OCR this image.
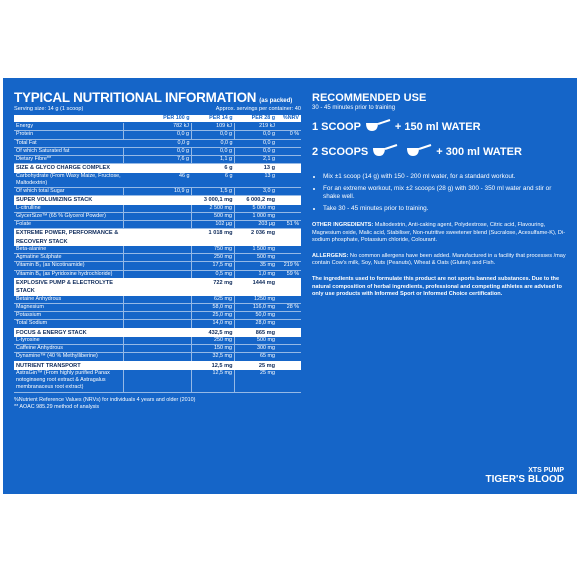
TYPICAL NUTRITIONAL INFORMATION (as packed)
Serving size: 14 g (1 scoop)	Approx. servings per container: 40
	PER 100 g	PER 14 g	PER 28 g	%NRV
Energy	782 kJ	109 kJ	219 kJ	
Protein	0,0 g	0,0 g	0,0 g	0 %
Total Fat	0,0 g	0,0 g	0,0 g	
Of which Saturated fat	0,0 g	0,0 g	0,0 g	
Dietary Fibre**	7,6 g	1,1 g	2,1 g	
SIZE & GLYCO CHARGE COMPLEX		6 g	13 g	
Carbohydrate (From Waxy Maize, Fructose, Maltodextrin)	46 g	6 g	13 g	
Of which total Sugar	10,9 g	1,5 g	3,0 g	
SUPER VOLUMIZING STACK		3 000,1 mg	6 000,2 mg	
L-citrulline		2 500 mg	5 000 mg	
GlycerSize™ (65 % Glycerol Powder)		500 mg	1 000 mg	
Folate		102 µg	203 µg	51 %
EXTREME POWER, PERFORMANCE & RECOVERY STACK		1 018 mg	2 036 mg	
Beta-alanine		750 mg	1 500 mg	
Agmatine Sulphate		250 mg	500 mg	
Vitamin B₃ (as Nicotinamide)		17,5 mg	35 mg	219 %
Vitamin B₆ (as Pyridoxine hydrochloride)		0,5 mg	1,0 mg	59 %
EXPLOSIVE PUMP & ELECTROLYTE STACK		722 mg	1444 mg	
Betaine Anhydrous		625 mg	1250 mg	
Magnesium		58,0 mg	116,0 mg	28 %
Potassium		25,0 mg	50,0 mg	
Total Sodium		14,0 mg	28,0 mg	
FOCUS & ENERGY STACK		432,5 mg	865 mg	
L-tyrosine		250 mg	500 mg	
Caffeine Anhydrous		150 mg	300 mg	
Dynamine™ (40 % Methylliberine)		32,5 mg	65 mg	
NUTRIENT TRANSPORT		12,5 mg	25 mg	
AstraGin™ (From highly purified Panax notoginseng root extract & Astragalus membranaceus root extract)		12,5 mg	25 mg	
%Nutrient Reference Values (NRVs) for individuals 4 years and older (2010)
** AOAC 985.29 method of analysis
RECOMMENDED USE
30 - 45 minutes prior to training
1 SCOOP	+ 150 ml WATER
2 SCOOPS	+ 300 ml WATER
• Mix ±1 scoop (14 g) with 150 - 200 ml water, for a standard workout.
• For an extreme workout, mix ±2 scoops (28 g) with 300 - 350 ml water and stir or shake well.
• Take 30 - 45 minutes prior to training.
OTHER INGREDIENTS: Maltodextrin, Anti-caking agent, Polydextrose, Citric acid, Flavouring, Magnesium oxide, Malic acid, Stabiliser, Non-nutritive sweetener blend (Sucralose, Acesulfame-K), Di-sodium phosphate, Potassium chloride, Colourant.
ALLERGENS: No common allergens have been added. Manufactured in a facility that processes /may contain Cow's milk, Soy, Nuts (Peanuts), Wheat & Oats (Gluten) and Fish.
The ingredients used to formulate this product are not sports banned substances. Due to the natural composition of herbal ingredients, professional and competing athletes are advised to only use products with Informed Sport or Informed Choice certification.
XTS PUMP
TIGER'S BLOOD
